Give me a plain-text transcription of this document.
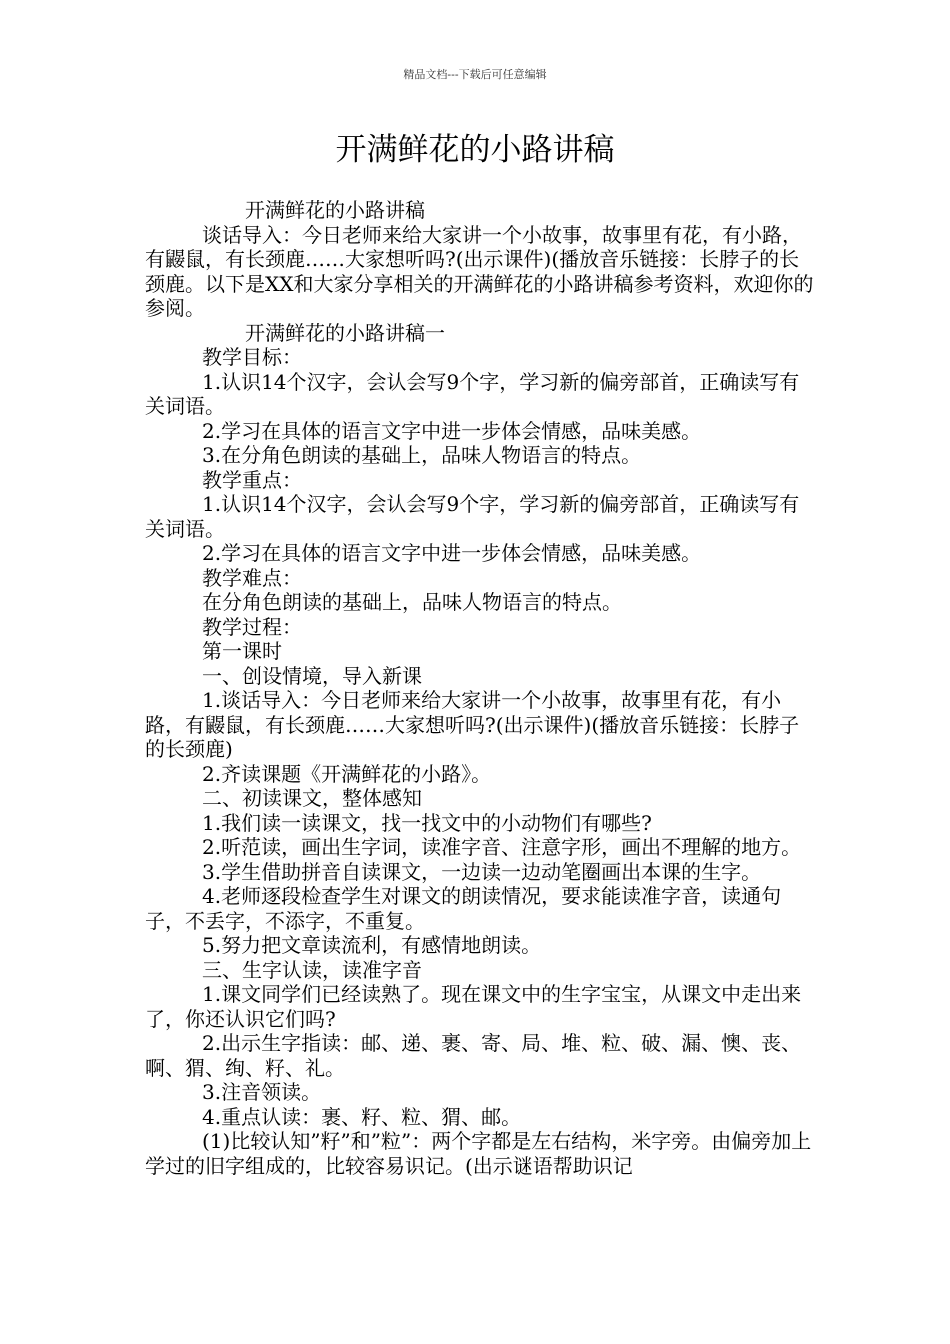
精品文档---下载后可任意编辑
开满鲜花的小路讲稿

开满鲜花的小路讲稿

谈话导入：今日老师来给大家讲一个小故事，故事里有花，有小路，有鼹鼠，有长颈鹿……大家想听吗?(出示课件)(播放音乐链接：长脖子的长颈鹿。以下是XX和大家分享相关的开满鲜花的小路讲稿参考资料，欢迎你的参阅。

开满鲜花的小路讲稿一

教学目标：

1.认识14个汉字，会认会写9个字，学习新的偏旁部首，正确读写有关词语。

2.学习在具体的语言文字中进一步体会情感，品味美感。

3.在分角色朗读的基础上，品味人物语言的特点。

教学重点：

1.认识14个汉字，会认会写9个字，学习新的偏旁部首，正确读写有关词语。

2.学习在具体的语言文字中进一步体会情感，品味美感。

教学难点：

在分角色朗读的基础上，品味人物语言的特点。

教学过程：

第一课时

一、创设情境，导入新课

1.谈话导入：今日老师来给大家讲一个小故事，故事里有花，有小路，有鼹鼠，有长颈鹿……大家想听吗?(出示课件)(播放音乐链接：长脖子的长颈鹿)

2.齐读课题《开满鲜花的小路》。

二、初读课文，整体感知

1.我们读一读课文，找一找文中的小动物们有哪些?

2.听范读，画出生字词，读准字音、注意字形，画出不理解的地方。

3.学生借助拼音自读课文，一边读一边动笔圈画出本课的生字。

4.老师逐段检查学生对课文的朗读情况，要求能读准字音，读通句子，不丢字，不添字，不重复。

5.努力把文章读流利，有感情地朗读。

三、生字认读，读准字音

1.课文同学们已经读熟了。现在课文中的生字宝宝，从课文中走出来了，你还认识它们吗?

2.出示生字指读：邮、递、裹、寄、局、堆、粒、破、漏、懊、丧、啊、猬、绚、籽、礼。

3.注音领读。

4.重点认读：裹、籽、粒、猬、邮。

(1)比较认知”籽”和”粒”：两个字都是左右结构，米字旁。由偏旁加上学过的旧字组成的，比较容易识记。(出示谜语帮助识记
